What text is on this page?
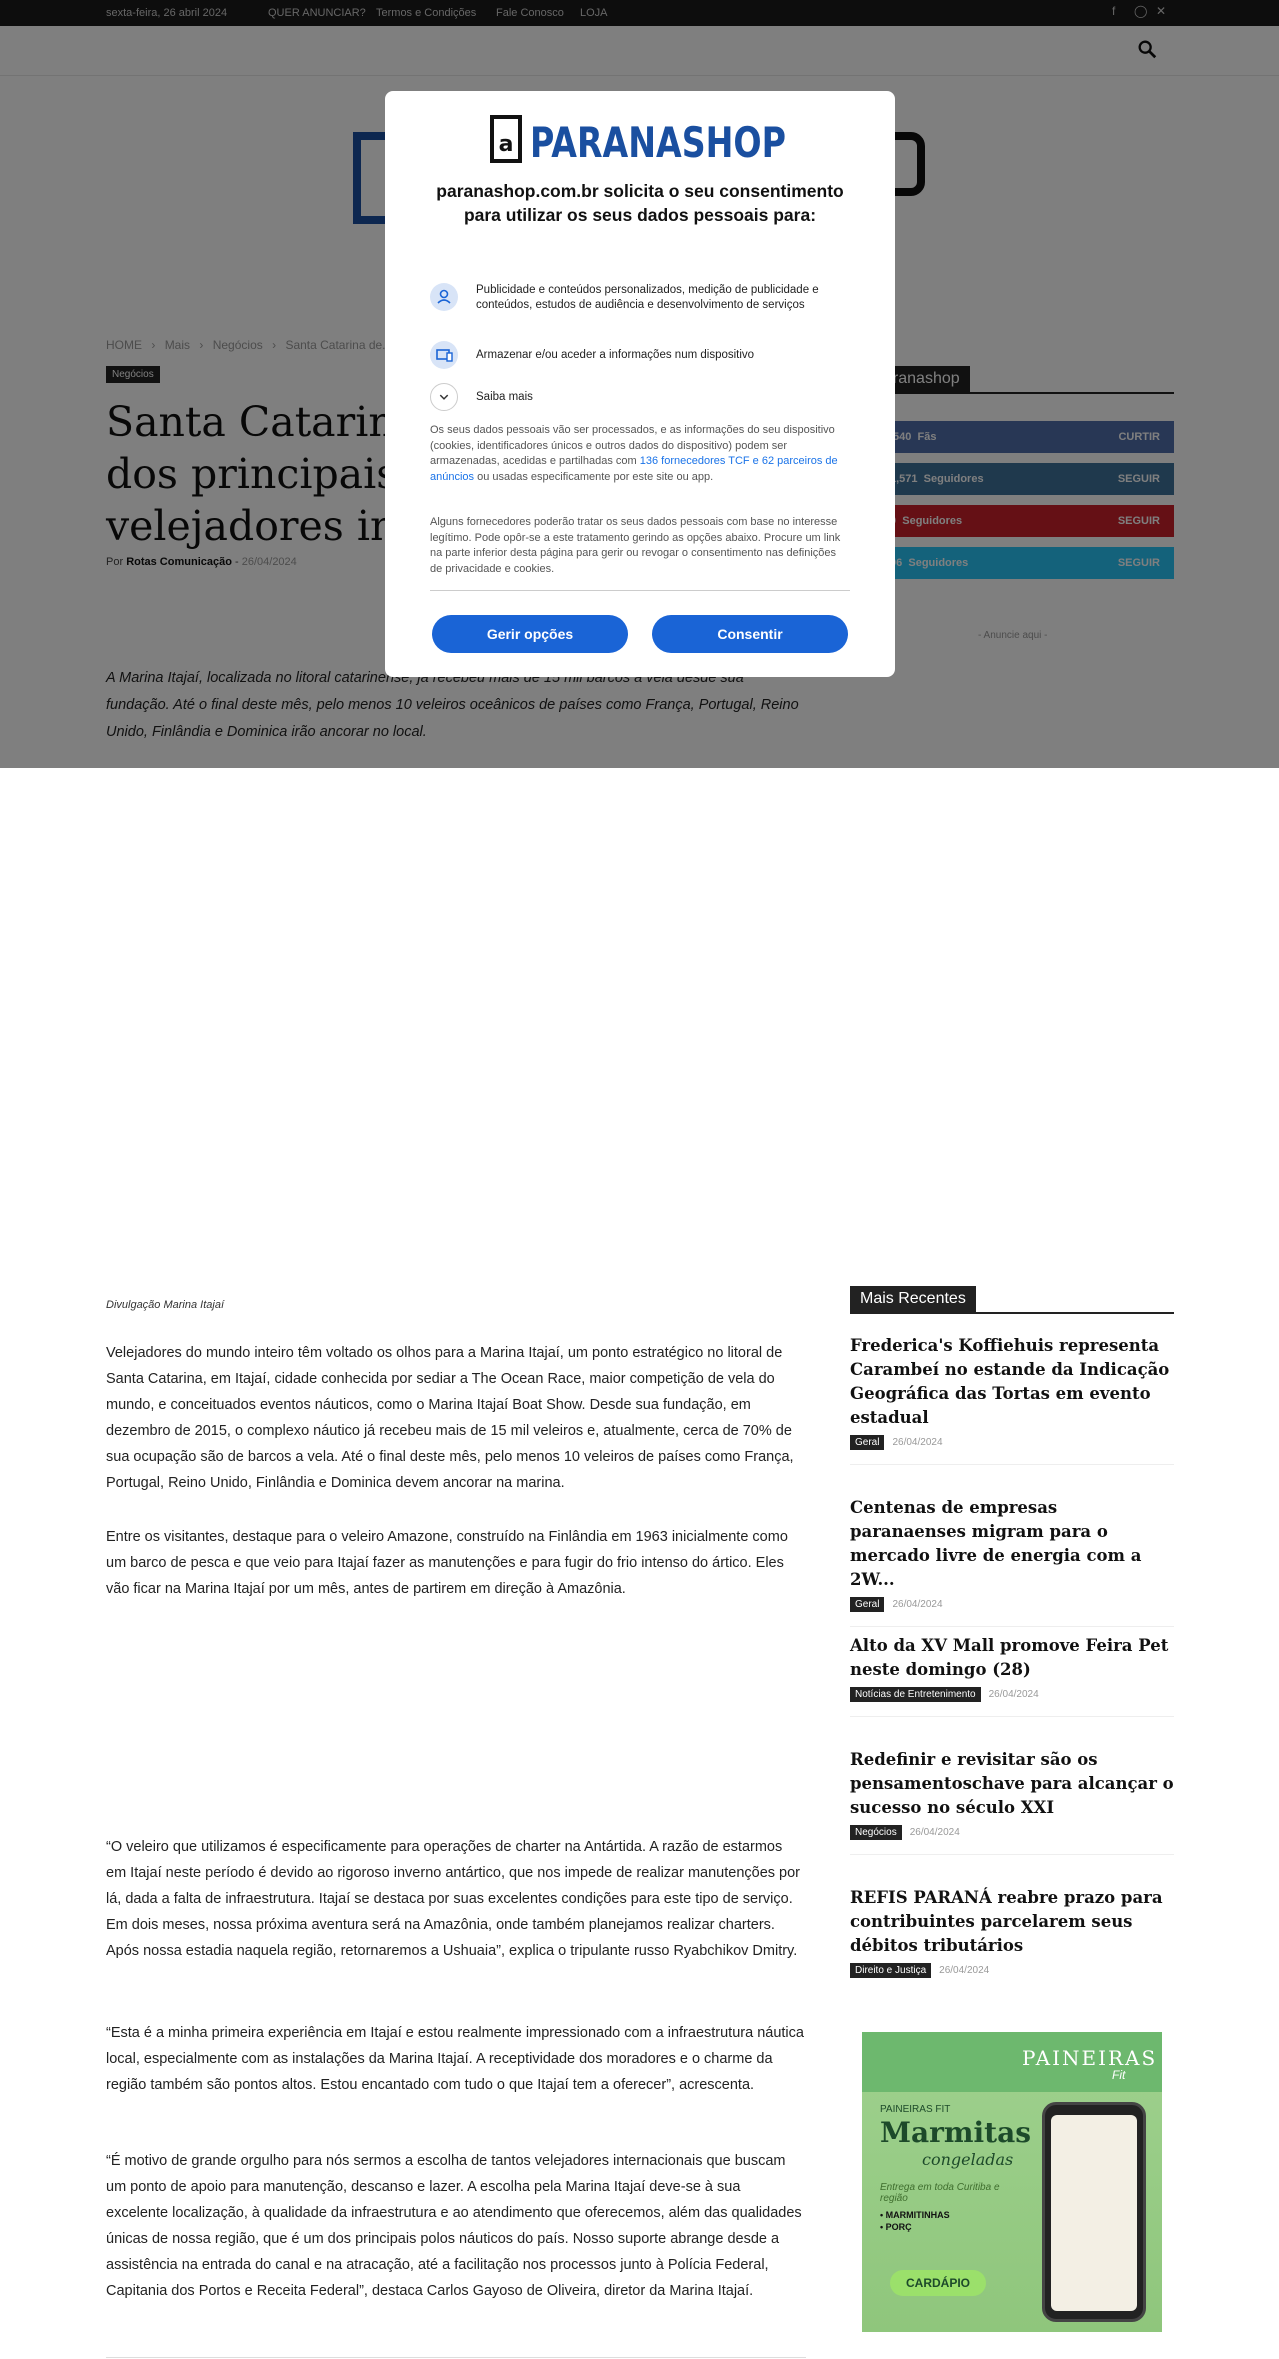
a PARANASHOP
paranashop.com.br solicita o seu consentimento para utilizar os seus dados pessoais para:
Publicidade e conteúdos personalizados, medição de publicidade e conteúdos, estudos de audiência e desenvolvimento de serviços
Armazenar e/ou aceder a informações num dispositivo
Saiba mais
Os seus dados pessoais vão ser processados, e as informações do seu dispositivo (cookies, identificadores únicos e outros dados do dispositivo) podem ser armazenadas, acedidas e partilhadas com 136 fornecedores TCF e 62 parceiros de anúncios ou usadas especificamente por este site ou app.
Alguns fornecedores poderão tratar os seus dados pessoais com base no interesse legítimo. Pode opôr-se a este tratamento gerindo as opções abaixo. Procure um link na parte inferior desta página para gerir ou revogar o consentimento nas definições de privacidade e cookies.
Gerir opções	Consentir
Divulgação Marina Itajaí

Velejadores do mundo inteiro têm voltado os olhos para a Marina Itajaí, um ponto estratégico no litoral de Santa Catarina, em Itajaí, cidade conhecida por sediar a The Ocean Race, maior competição de vela do mundo, e conceituados eventos náuticos, como o Marina Itajaí Boat Show. Desde sua fundação, em dezembro de 2015, o complexo náutico já recebeu mais de 15 mil veleiros e, atualmente, cerca de 70% de sua ocupação são de barcos a vela. Até o final deste mês, pelo menos 10 veleiros de países como França, Portugal, Reino Unido, Finlândia e Dominica devem ancorar na marina.

Entre os visitantes, destaque para o veleiro Amazone, construído na Finlândia em 1963 inicialmente como um barco de pesca e que veio para Itajaí fazer as manutenções e para fugir do frio intenso do ártico. Eles vão ficar na Marina Itajaí por um mês, antes de partirem em direção à Amazônia.

“O veleiro que utilizamos é especificamente para operações de charter na Antártida. A razão de estarmos em Itajaí neste período é devido ao rigoroso inverno antártico, que nos impede de realizar manutenções por lá, dada a falta de infraestrutura. Itajaí se destaca por suas excelentes condições para este tipo de serviço. Em dois meses, nossa próxima aventura será na Amazônia, onde também planejamos realizar charters. Após nossa estadia naquela região, retornaremos a Ushuaia”, explica o tripulante russo Ryabchikov Dmitry.

“Esta é a minha primeira experiência em Itajaí e estou realmente impressionado com a infraestrutura náutica local, especialmente com as instalações da Marina Itajaí. A receptividade dos moradores e o charme da região também são pontos altos. Estou encantado com tudo o que Itajaí tem a oferecer”, acrescenta.

“É motivo de grande orgulho para nós sermos a escolha de tantos velejadores internacionais que buscam um ponto de apoio para manutenção, descanso e lazer. A escolha pela Marina Itajaí deve-se à sua excelente localização, à qualidade da infraestrutura e ao atendimento que oferecemos, além das qualidades únicas de nossa região, que é um dos principais polos náuticos do país. Nosso suporte abrange desde a assistência na entrada do canal e na atracação, até a facilitação nos processos junto à Polícia Federal, Capitania dos Portos e Receita Federal”, destaca Carlos Gayoso de Oliveira, diretor da Marina Itajaí.

Mais Recentes
Frederica's Koffiehuis representa Carambeí no estande da Indicação Geográfica das Tortas em evento estadual
Geral 26/04/2024
Centenas de empresas paranaenses migram para o mercado livre de energia com a 2W...
Geral 26/04/2024
Alto da XV Mall promove Feira Pet neste domingo (28)
Notícias de Entretenimento 26/04/2024
Redefinir e revisitar são os pensamentoschave para alcançar o sucesso no século XXI
Negócios 26/04/2024
REFIS PARANÁ reabre prazo para contribuintes parcelarem seus débitos tributários
Direito e Justiça 26/04/2024
PAINEIRAS
Fit
PAINEIRAS FIT
Marmitas
congeladas
Entrega em toda Curitiba e região
• MARMITINHAS
• PORÇ
CARDÁPIO
